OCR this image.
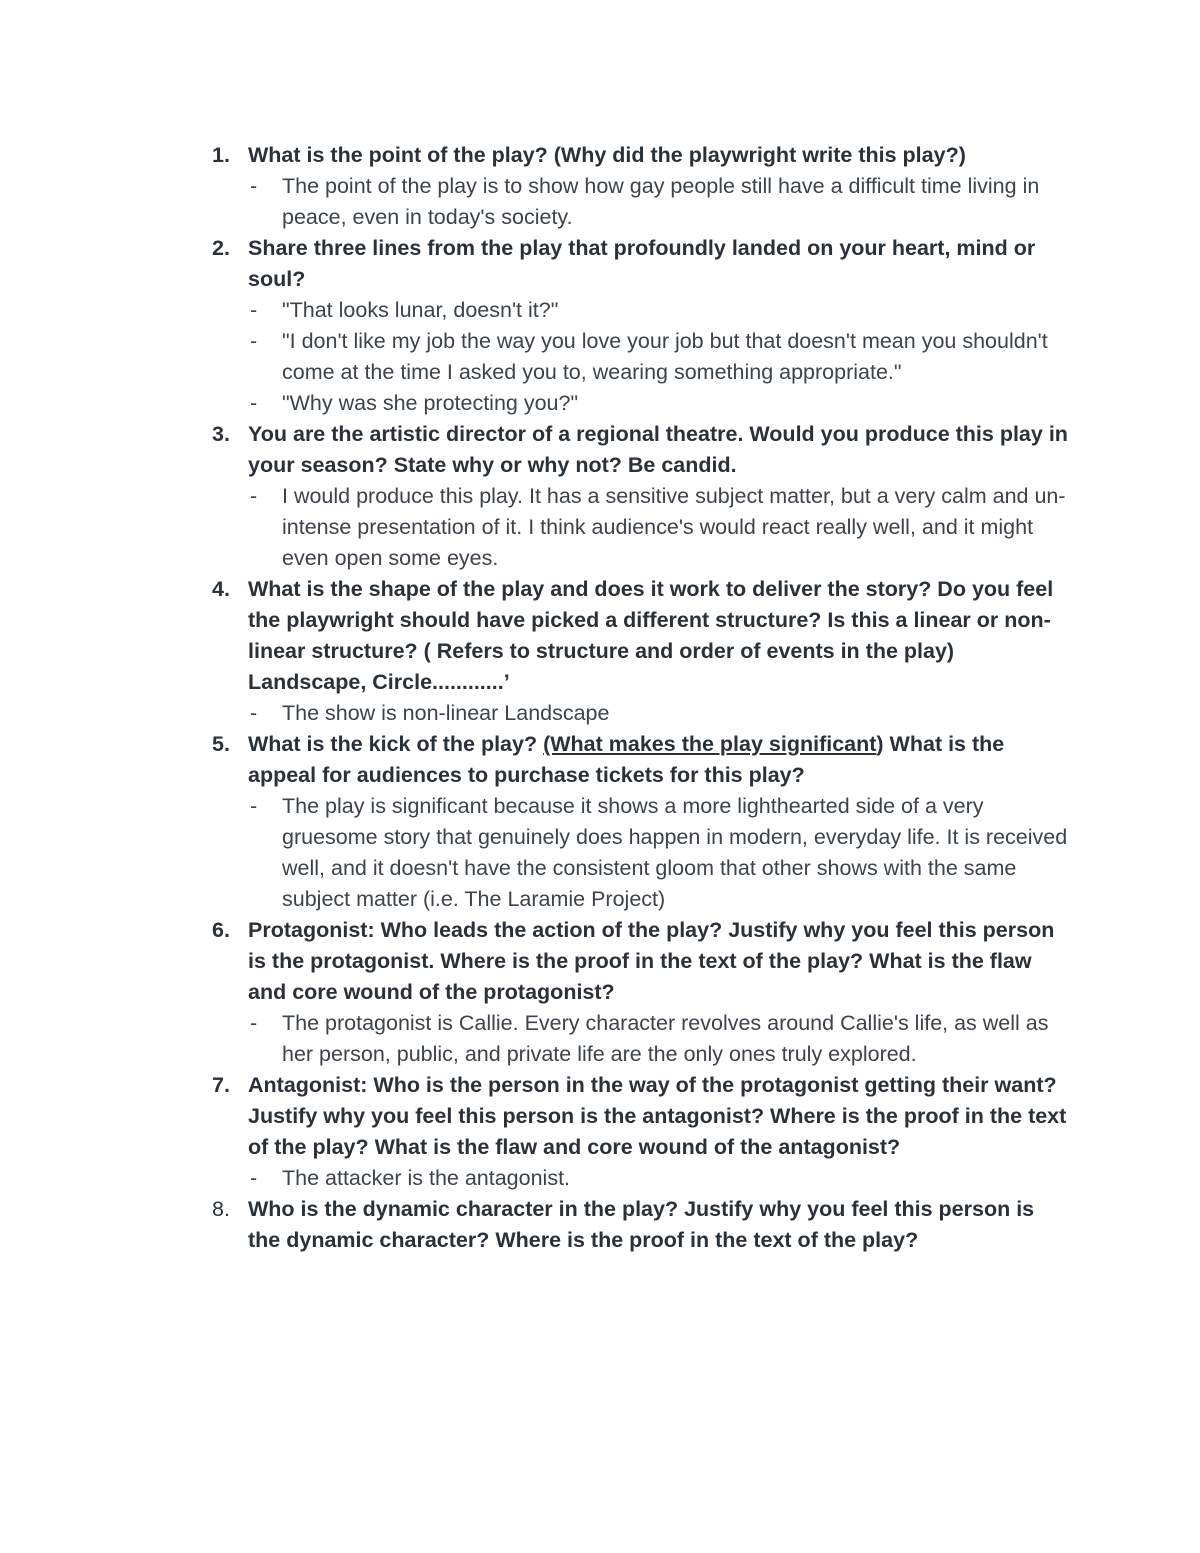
1. What is the point of the play? (Why did the playwright write this play?)
- The point of the play is to show how gay people still have a difficult time living in peace, even in today's society.
2. Share three lines from the play that profoundly landed on your heart, mind or soul?
- "That looks lunar, doesn't it?"
- "I don't like my job the way you love your job but that doesn't mean you shouldn't come at the time I asked you to, wearing something appropriate."
- "Why was she protecting you?"
3. You are the artistic director of a regional theatre. Would you produce this play in your season? State why or why not? Be candid.
- I would produce this play. It has a sensitive subject matter, but a very calm and un-intense presentation of it. I think audience's would react really well, and it might even open some eyes.
4. What is the shape of the play and does it work to deliver the story? Do you feel the playwright should have picked a different structure? Is this a linear or non-linear structure? ( Refers to structure and order of events in the play) Landscape, Circle............’
- The show is non-linear Landscape
5. What is the kick of the play? (What makes the play significant) What is the appeal for audiences to purchase tickets for this play?
- The play is significant because it shows a more lighthearted side of a very gruesome story that genuinely does happen in modern, everyday life. It is received well, and it doesn't have the consistent gloom that other shows with the same subject matter (i.e. The Laramie Project)
6. Protagonist: Who leads the action of the play? Justify why you feel this person is the protagonist. Where is the proof in the text of the play? What is the flaw and core wound of the protagonist?
- The protagonist is Callie. Every character revolves around Callie's life, as well as her person, public, and private life are the only ones truly explored.
7. Antagonist: Who is the person in the way of the protagonist getting their want? Justify why you feel this person is the antagonist? Where is the proof in the text of the play? What is the flaw and core wound of the antagonist?
- The attacker is the antagonist.
8. Who is the dynamic character in the play? Justify why you feel this person is the dynamic character? Where is the proof in the text of the play?
